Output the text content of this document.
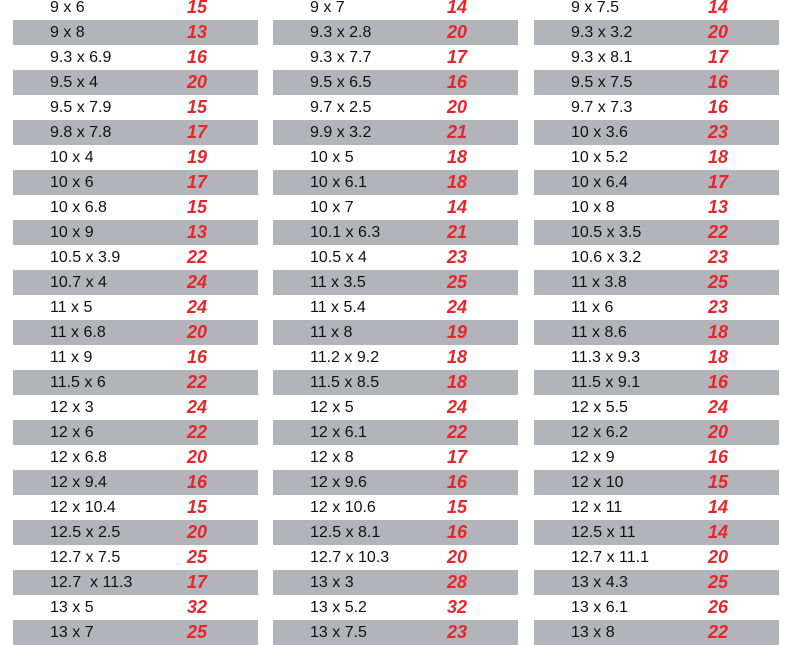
9 x 6	15
9 x 8	13
9.3 x 6.9	16
9.5 x 4	20
9.5 x 7.9	15
9.8 x 7.8	17
10 x 4	19
10 x 6	17
10 x 6.8	15
10 x 9	13
10.5 x 3.9	22
10.7 x 4	24
11 x 5	24
11 x 6.8	20
11 x 9	16
11.5 x 6	22
12 x 3	24
12 x 6	22
12 x 6.8	20
12 x 9.4	16
12 x 10.4	15
12.5 x 2.5	20
12.7 x 7.5	25
12.7  x 11.3	17
13 x 5	32
13 x 7	25
9 x 7	14
9.3 x 2.8	20
9.3 x 7.7	17
9.5 x 6.5	16
9.7 x 2.5	20
9.9 x 3.2	21
10 x 5	18
10 x 6.1	18
10 x 7	14
10.1 x 6.3	21
10.5 x 4	23
11 x 3.5	25
11 x 5.4	24
11 x 8	19
11.2 x 9.2	18
11.5 x 8.5	18
12 x 5	24
12 x 6.1	22
12 x 8	17
12 x 9.6	16
12 x 10.6	15
12.5 x 8.1	16
12.7 x 10.3	20
13 x 3	28
13 x 5.2	32
13 x 7.5	23
9 x 7.5	14
9.3 x 3.2	20
9.3 x 8.1	17
9.5 x 7.5	16
9.7 x 7.3	16
10 x 3.6	23
10 x 5.2	18
10 x 6.4	17
10 x 8	13
10.5 x 3.5	22
10.6 x 3.2	23
11 x 3.8	25
11 x 6	23
11 x 8.6	18
11.3 x 9.3	18
11.5 x 9.1	16
12 x 5.5	24
12 x 6.2	20
12 x 9	16
12 x 10	15
12 x 11	14
12.5 x 11	14
12.7 x 11.1	20
13 x 4.3	25
13 x 6.1	26
13 x 8	22
